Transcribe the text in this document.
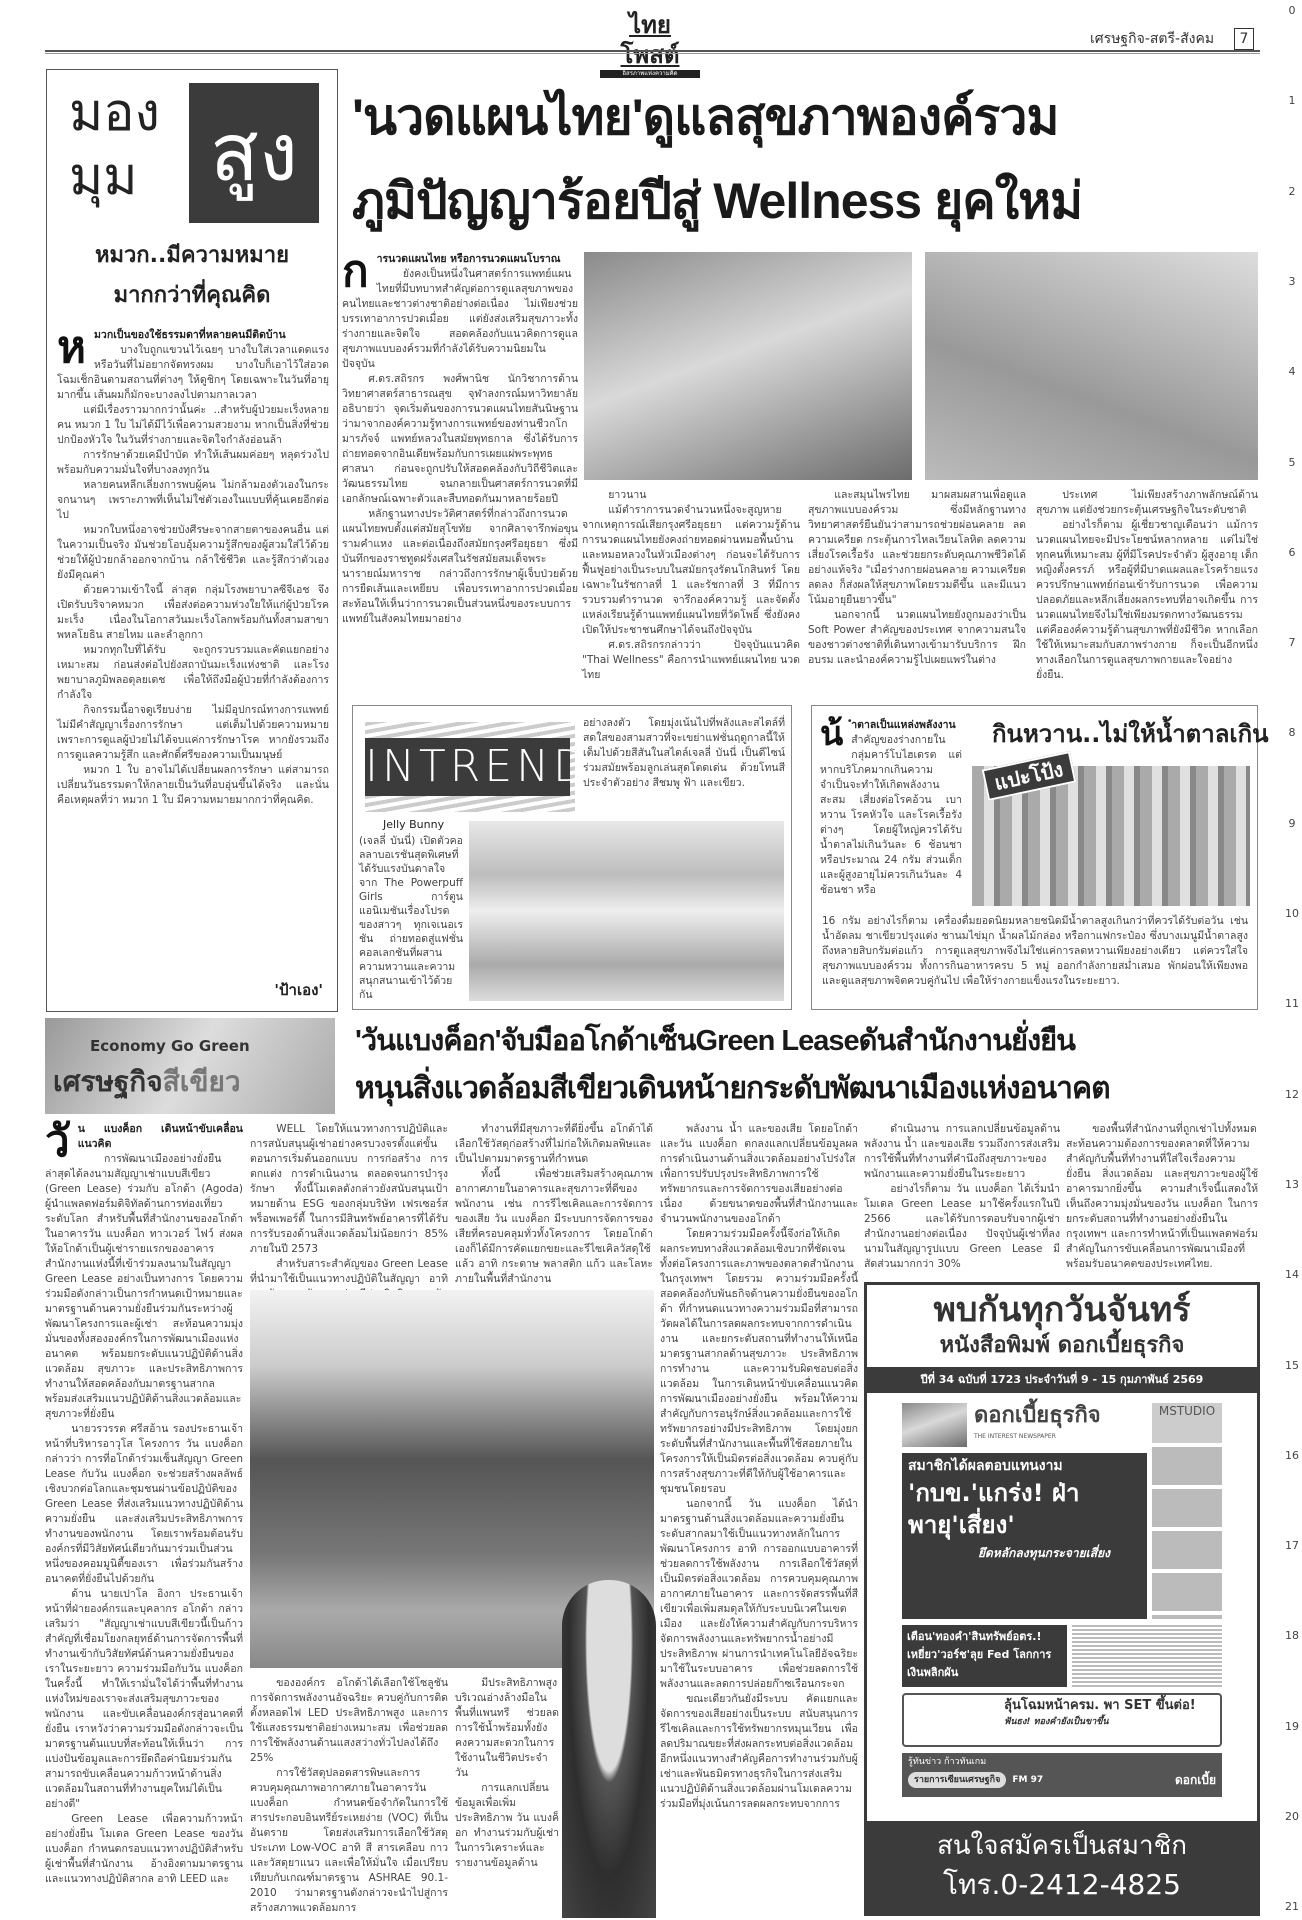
ไทยโพสต์
อิสรภาพแห่งความคิด
เศรษฐกิจ-สตรี-สังคม	7
0
1
2
3
4
5
6
7
8
9
10
11
12
13
14
15
16
17
18
19
20
21
มอง
มุม สูง
หมวก..มีความหมายมากกว่าที่คุณคิด
ห มวกเป็นของใช้ธรรมดาที่หลายคนมีติดบ้าน

บางใบถูกแขวนไว้เฉยๆ บางใบใส่เวลาแดดแรง หรือวันที่ไม่อยากจัดทรงผม บางใบก็เอาไว้ใส่อวดโฉมเช็กอินตามสถานที่ต่างๆ ให้ดูชิกๆ โดยเฉพาะในวันที่อายุมากขึ้น เส้นผมก็มักจะบางลงไปตามกาลเวลา

แต่มีเรื่องราวมากกว่านั้นค่ะ ..สำหรับผู้ป่วยมะเร็งหลายคน หมวก 1 ใบ ไม่ได้มีไว้เพื่อความสวยงาม หากเป็นสิ่งที่ช่วยปกป้องหัวใจ ในวันที่ร่างกายและจิตใจกำลังอ่อนล้า

การรักษาด้วยเคมีบำบัด ทำให้เส้นผมค่อยๆ หลุดร่วงไป พร้อมกับความมั่นใจที่บางลงทุกวัน

หลายคนหลีกเลี่ยงการพบผู้คน ไม่กล้ามองตัวเองในกระจกนานๆ เพราะภาพที่เห็นไม่ใช่ตัวเองในแบบที่คุ้นเคยอีกต่อไป

หมวกใบหนึ่งอาจช่วยบังศีรษะจากสายตาของคนอื่น แต่ในความเป็นจริง มันช่วยโอบอุ้มความรู้สึกของผู้สวมใส่ไว้ด้วย ช่วยให้ผู้ป่วยกล้าออกจากบ้าน กล้าใช้ชีวิต และรู้สึกว่าตัวเองยังมีคุณค่า

ด้วยความเข้าใจนี้ ล่าสุด กลุ่มโรงพยาบาลซีจีเอช จึงเปิดรับบริจาคหมวก เพื่อส่งต่อความห่วงใยให้แก่ผู้ป่วยโรคมะเร็ง เนื่องในโอกาสวันมะเร็งโลกพร้อมกันทั้งสามสาขา พหลโยธิน สายไหม และลำลูกกา

หมวกทุกใบที่ได้รับ จะถูกรวบรวมและคัดแยกอย่างเหมาะสม ก่อนส่งต่อไปยังสถาบันมะเร็งแห่งชาติ และโรงพยาบาลภูมิพลอดุลยเดช เพื่อให้ถึงมือผู้ป่วยที่กำลังต้องการกำลังใจ

กิจกรรมนี้อาจดูเรียบง่าย ไม่มีอุปกรณ์ทางการแพทย์ ไม่มีคำสัญญาเรื่องการรักษา แต่เต็มไปด้วยความหมาย เพราะการดูแลผู้ป่วยไม่ได้จบแค่การรักษาโรค หากยังรวมถึงการดูแลความรู้สึก และศักดิ์ศรีของความเป็นมนุษย์

หมวก 1 ใบ อาจไม่ได้เปลี่ยนผลการรักษา แต่สามารถเปลี่ยนวันธรรมดาให้กลายเป็นวันที่อบอุ่นขึ้นได้จริง และนั่นคือเหตุผลที่ว่า หมวก 1 ใบ มีความหมายมากกว่าที่คุณคิด.

'ป้าเอง'
'นวดแผนไทย'ดูแลสุขภาพองค์รวม
ภูมิปัญญาร้อยปีสู่ Wellness ยุคใหม่
ก ารนวดแผนไทย หรือการนวดแผนโบราณ

ยังคงเป็นหนึ่งในศาสตร์การแพทย์แผนไทยที่มีบทบาทสำคัญต่อการดูแลสุขภาพของคนไทยและชาวต่างชาติอย่างต่อเนื่อง ไม่เพียงช่วยบรรเทาอาการปวดเมื่อย แต่ยังส่งเสริมสุขภาวะทั้งร่างกายและจิตใจ สอดคล้องกับแนวคิดการดูแลสุขภาพแบบองค์รวมที่กำลังได้รับความนิยมในปัจจุบัน

ศ.ดร.สถิรกร พงศ์พานิช นักวิชาการด้านวิทยาศาสตร์สาธารณสุข จุฬาลงกรณ์มหาวิทยาลัย อธิบายว่า จุดเริ่มต้นของการนวดแผนไทยสันนิษฐานว่ามาจากองค์ความรู้ทางการแพทย์ของท่านชีวกโกมารภัจจ์ แพทย์หลวงในสมัยพุทธกาล ซึ่งได้รับการถ่ายทอดจากอินเดียพร้อมกับการเผยแผ่พระพุทธศาสนา ก่อนจะถูกปรับให้สอดคล้องกับวิถีชีวิตและวัฒนธรรมไทย จนกลายเป็นศาสตร์การนวดที่มีเอกลักษณ์เฉพาะตัวและสืบทอดกันมาหลายร้อยปี

หลักฐานทางประวัติศาสตร์ที่กล่าวถึงการนวดแผนไทยพบตั้งแต่สมัยสุโขทัย จากศิลาจารึกพ่อขุนรามคำแหง และต่อเนื่องถึงสมัยกรุงศรีอยุธยา ซึ่งมีบันทึกของราชทูตฝรั่งเศสในรัชสมัยสมเด็จพระนารายณ์มหาราช กล่าวถึงการรักษาผู้เจ็บป่วยด้วยการยืดเส้นและเหยียบ เพื่อบรรเทาอาการปวดเมื่อย สะท้อนให้เห็นว่าการนวดเป็นส่วนหนึ่งของระบบการแพทย์ในสังคมไทยมาอย่าง

ยาวนาน

แม้ตำราการนวดจำนวนหนึ่งจะสูญหายจากเหตุการณ์เสียกรุงศรีอยุธยา แต่ความรู้ด้านการนวดแผนไทยยังคงถ่ายทอดผ่านหมอพื้นบ้านและหมอหลวงในหัวเมืองต่างๆ ก่อนจะได้รับการฟื้นฟูอย่างเป็นระบบในสมัยกรุงรัตนโกสินทร์ โดยเฉพาะในรัชกาลที่ 1 และรัชกาลที่ 3 ที่มีการรวบรวมตำรานวด จารึกองค์ความรู้ และจัดตั้งแหล่งเรียนรู้ด้านแพทย์แผนไทยที่วัดโพธิ์ ซึ่งยังคงเปิดให้ประชาชนศึกษาได้จนถึงปัจจุบัน

ศ.ดร.สถิรกรกล่าวว่า ปัจจุบันแนวคิด "Thai Wellness" คือการนำแพทย์แผนไทย นวดไทย

และสมุนไพรไทย มาผสมผสานเพื่อดูแลสุขภาพแบบองค์รวม ซึ่งมีหลักฐานทางวิทยาศาสตร์ยืนยันว่าสามารถช่วยผ่อนคลาย ลดความเครียด กระตุ้นการไหลเวียนโลหิต ลดความเสี่ยงโรคเรื้อรัง และช่วยยกระดับคุณภาพชีวิตได้อย่างแท้จริง "เมื่อร่างกายผ่อนคลาย ความเครียดลดลง ก็ส่งผลให้สุขภาพโดยรวมดีขึ้น และมีแนวโน้มอายุยืนยาวขึ้น"

นอกจากนี้ นวดแผนไทยยังถูกมองว่าเป็น Soft Power สำคัญของประเทศ จากความสนใจของชาวต่างชาติที่เดินทางเข้ามารับบริการ ฝึกอบรม และนำองค์ความรู้ไปเผยแพร่ในต่าง

ประเทศ ไม่เพียงสร้างภาพลักษณ์ด้านสุขภาพ แต่ยังช่วยกระตุ้นเศรษฐกิจในระดับชาติ

อย่างไรก็ตาม ผู้เชี่ยวชาญเตือนว่า แม้การนวดแผนไทยจะมีประโยชน์หลากหลาย แต่ไม่ใช่ทุกคนที่เหมาะสม ผู้ที่มีโรคประจำตัว ผู้สูงอายุ เด็ก หญิงตั้งครรภ์ หรือผู้ที่มีบาดแผลและโรคร้ายแรง ควรปรึกษาแพทย์ก่อนเข้ารับการนวด เพื่อความปลอดภัยและหลีกเลี่ยงผลกระทบที่อาจเกิดขึ้น การนวดแผนไทยจึงไม่ใช่เพียงมรดกทางวัฒนธรรม แต่คือองค์ความรู้ด้านสุขภาพที่ยังมีชีวิต หากเลือกใช้ให้เหมาะสมกับสภาพร่างกาย ก็จะเป็นอีกหนึ่งทางเลือกในการดูแลสุขภาพกายและใจอย่างยั่งยืน.

INTREND
อย่างลงตัว โดยมุ่งเน้นไปที่พลังและสไตล์ที่สดใสของสามสาวที่จะเขย่าแฟชั่นฤดูกาลนี้ให้เต็มไปด้วยสีสันในสไตล์เจลลี่ บันนี่ เป็นดีไซน์ร่วมสมัยพร้อมลูกเล่นสุดโดดเด่น ด้วยโทนสีประจำตัวอย่าง สีชมพู ฟ้า และเขียว.
Jelly Bunny
(เจลลี่ บันนี่) เปิดตัวคอลลาบอเรชันสุดพิเศษที่ได้รับแรงบันดาลใจจาก The Powerpuff Girls การ์ตูนแอนิเมชันเรื่องโปรดของสาวๆ ทุกเจเนอเรชัน ถ่ายทอดสู่แฟชั่นคอลเลกชันที่ผสานความหวานและความสนุกสนานเข้าไว้ด้วยกัน
น้ ำตาลเป็นแหล่งพลังงาน

สำคัญของร่างกายในกลุ่มคาร์โบไฮเดรต แต่หากบริโภคมากเกินความจำเป็นจะทำให้เกิดพลังงานสะสม เสี่ยงต่อโรคอ้วน เบาหวาน โรคหัวใจ และโรคเรื้อรังต่างๆ โดยผู้ใหญ่ควรได้รับน้ำตาลไม่เกินวันละ 6 ช้อนชา หรือประมาณ 24 กรัม ส่วนเด็กและผู้สูงอายุไม่ควรเกินวันละ 4 ช้อนชา หรือ

กินหวาน..ไม่ให้น้ำตาลเกิน
แปะโป้ง
16 กรัม อย่างไรก็ตาม เครื่องดื่มยอดนิยมหลายชนิดมีน้ำตาลสูงเกินกว่าที่ควรได้รับต่อวัน เช่น น้ำอัดลม ชาเขียวปรุงแต่ง ชานมไข่มุก น้ำผลไม้กล่อง หรือกาแฟกระป๋อง ซึ่งบางเมนูมีน้ำตาลสูงถึงหลายสิบกรัมต่อแก้ว การดูแลสุขภาพจึงไม่ใช่แค่การลดหวานเพียงอย่างเดียว แต่ควรใส่ใจสุขภาพแบบองค์รวม ทั้งการกินอาหารครบ 5 หมู่ ออกกำลังกายสม่ำเสมอ พักผ่อนให้เพียงพอ และดูแลสุขภาพจิตควบคู่กันไป เพื่อให้ร่างกายแข็งแรงในระยะยาว.
Economy Go Green
เศรษฐกิจสีเขียว
'วันแบงค็อก'จับมืออโกด้าเซ็นGreen Leaseดันสำนักงานยั่งยืน
หนุนสิ่งแวดล้อมสีเขียวเดินหน้ายกระดับพัฒนาเมืองแห่งอนาคต
วั น แบงค็อก เดินหน้าขับเคลื่อนแนวคิด

การพัฒนาเมืองอย่างยั่งยืน ล่าสุดได้ลงนามสัญญาเช่าแบบสีเขียว (Green Lease) ร่วมกับ อโกด้า (Agoda) ผู้นำแพลตฟอร์มดิจิทัลด้านการท่องเที่ยวระดับโลก สำหรับพื้นที่สำนักงานของอโกด้าในอาคารวัน แบงค็อก ทาวเวอร์ ไฟว์ ส่งผลให้อโกด้าเป็นผู้เช่ารายแรกของอาคารสำนักงานแห่งนี้ที่เข้าร่วมลงนามในสัญญา Green Lease อย่างเป็นทางการ โดยความร่วมมือดังกล่าวเป็นการกำหนดเป้าหมายและมาตรฐานด้านความยั่งยืนร่วมกันระหว่างผู้พัฒนาโครงการและผู้เช่า สะท้อนความมุ่งมั่นของทั้งสององค์กรในการพัฒนาเมืองแห่งอนาคต พร้อมยกระดับแนวปฏิบัติด้านสิ่งแวดล้อม สุขภาวะ และประสิทธิภาพการทำงานให้สอดคล้องกับมาตรฐานสากล พร้อมส่งเสริมแนวปฏิบัติด้านสิ่งแวดล้อมและสุขภาวะที่ยั่งยืน

นายวรวรรต ศรีสอ้าน รองประธานเจ้าหน้าที่บริหารอาวุโส โครงการ วัน แบงค็อก กล่าวว่า การที่อโกด้าร่วมเซ็นสัญญา Green Lease กับวัน แบงค็อก จะช่วยสร้างผลลัพธ์เชิงบวกต่อโลกและชุมชนผ่านข้อปฏิบัติของ Green Lease ที่ส่งเสริมแนวทางปฏิบัติด้านความยั่งยืน และส่งเสริมประสิทธิภาพการทำงานของพนักงาน โดยเราพร้อมต้อนรับองค์กรที่มีวิสัยทัศน์เดียวกันมาร่วมเป็นส่วนหนึ่งของคอมมูนิตี้ของเรา เพื่อร่วมกันสร้างอนาคตที่ยั่งยืนไปด้วยกัน

ด้าน นายเปาโล อิงกา ประธานเจ้าหน้าที่ฝ่ายองค์กรและบุคลากร อโกด้า กล่าวเสริมว่า "สัญญาเช่าแบบสีเขียวนี้เป็นก้าวสำคัญที่เชื่อมโยงกลยุทธ์ด้านการจัดการพื้นที่ทำงานเข้ากับวิสัยทัศน์ด้านความยั่งยืนของเราในระยะยาว ความร่วมมือกับวัน แบงค็อก ในครั้งนี้ ทำให้เรามั่นใจได้ว่าพื้นที่ทำงานแห่งใหม่ของเราจะส่งเสริมสุขภาวะของพนักงาน และขับเคลื่อนองค์กรสู่อนาคตที่ยั่งยืน เราหวังว่าความร่วมมือดังกล่าวจะเป็นมาตรฐานต้นแบบที่สะท้อนให้เห็นว่า การแบ่งปันข้อมูลและการยึดถือค่านิยมร่วมกันสามารถขับเคลื่อนความก้าวหน้าด้านสิ่งแวดล้อมในสถานที่ทำงานยุคใหม่ได้เป็นอย่างดี"

Green Lease เพื่อความก้าวหน้าอย่างยั่งยืน โมเดล Green Lease ของวัน แบงค็อก กำหนดกรอบแนวทางปฏิบัติสำหรับผู้เช่าพื้นที่สำนักงาน อ้างอิงตามมาตรฐานและแนวทางปฏิบัติสากล อาทิ LEED และ

WELL โดยให้แนวทางการปฏิบัติและการสนับสนุนผู้เช่าอย่างครบวงจรตั้งแต่ขั้นตอนการเริ่มต้นออกแบบ การก่อสร้าง การตกแต่ง การดำเนินงาน ตลอดจนการบำรุงรักษา ทั้งนี้โมเดลดังกล่าวยังสนับสนุนเป้าหมายด้าน ESG ของกลุ่มบริษัท เฟรเซอร์ส พร็อพเพอร์ตี้ ในการมีสินทรัพย์อาคารที่ได้รับการรับรองด้านสิ่งแวดล้อมไม่น้อยกว่า 85% ภายในปี 2573

สำหรับสาระสำคัญของ Green Lease ที่นำมาใช้เป็นแนวทางปฏิบัติในสัญญา อาทิ

ทำงานที่มีสุขภาวะที่ดียิ่งขึ้น อโกด้าได้เลือกใช้วัสดุก่อสร้างที่ไม่ก่อให้เกิดมลพิษและเป็นไปตามมาตรฐานที่กำหนด

ทั้งนี้ เพื่อช่วยเสริมสร้างคุณภาพอากาศภายในอาคารและสุขภาวะที่ดีของพนักงาน เช่น การรีไซเคิลและการจัดการของเสีย วัน แบงค็อก มีระบบการจัดการของเสียที่ครอบคลุมทั่วทั้งโครงการ โดยอโกด้าเองก็ได้มีการคัดแยกขยะและรีไซเคิลวัสดุใช้แล้ว อาทิ กระดาษ พลาสติก แก้ว และโลหะ ภายในพื้นที่สำนักงาน

ขององค์กร อโกด้าได้เลือกใช้โซลูชันการจัดการพลังงานอัจฉริยะ ควบคู่กับการติดตั้งหลอดไฟ LED ประสิทธิภาพสูง และการใช้แสงธรรมชาติอย่างเหมาะสม เพื่อช่วยลดการใช้พลังงานด้านแสงสว่างทั่วไปลงได้ถึง 25%

การใช้วัสดุปลอดสารพิษและการควบคุมคุณภาพอากาศภายในอาคารวัน แบงค็อก กำหนดข้อจำกัดในการใช้ สารประกอบอินทรีย์ระเหยง่าย (VOC) ที่เป็นอันตราย โดยส่งเสริมการเลือกใช้วัสดุประเภท Low-VOC อาทิ สี สารเคลือบ กาว และวัสดุยาแนว และเพื่อให้มั่นใจ เมื่อเปรียบเทียบกับเกณฑ์มาตรฐาน ASHRAE 90.1-2010 ว่ามาตรฐานดังกล่าวจะนำไปสู่การสร้างสภาพแวดล้อมการ

มีประสิทธิภาพสูงบริเวณอ่างล้างมือในพื้นที่แพนทรี ช่วยลดการใช้น้ำพร้อมทั้งยังคงความสะดวกในการใช้งานในชีวิตประจำวัน

การแลกเปลี่ยนข้อมูลเพื่อเพิ่มประสิทธิภาพ วัน แบงค็อก ทำงานร่วมกับผู้เช่าในการวิเคราะห์และรายงานข้อมูลด้าน

พลังงาน น้ำ และของเสีย โดยอโกด้า และวัน แบงค็อก ตกลงแลกเปลี่ยนข้อมูลผลการดำเนินงานด้านสิ่งแวดล้อมอย่างโปร่งใส เพื่อการปรับปรุงประสิทธิภาพการใช้ทรัพยากรและการจัดการของเสียอย่างต่อเนื่อง ด้วยขนาดของพื้นที่สำนักงานและจำนวนพนักงานของอโกด้า

โดยความร่วมมือครั้งนี้จึงก่อให้เกิดผลกระทบทางสิ่งแวดล้อมเชิงบวกที่ชัดเจน ทั้งต่อโครงการและภาพของตลาดสำนักงานในกรุงเทพฯ โดยรวม ความร่วมมือครั้งนี้สอดคล้องกับพันธกิจด้านความยั่งยืนของอโกด้า ที่กำหนดแนวทางความร่วมมือที่สามารถวัดผลได้ในการลดผลกระทบจากการดำเนินงาน และยกระดับสถานที่ทำงานให้เหนือมาตรฐานสากลด้านสุขภาวะ ประสิทธิภาพการทำงาน และความรับผิดชอบต่อสิ่งแวดล้อม ในการเดินหน้าขับเคลื่อนแนวคิดการพัฒนาเมืองอย่างยั่งยืน พร้อมให้ความสำคัญกับการอนุรักษ์สิ่งแวดล้อมและการใช้ทรัพยากรอย่างมีประสิทธิภาพ โดยมุ่งยกระดับพื้นที่สำนักงานและพื้นที่ใช้สอยภายในโครงการให้เป็นมิตรต่อสิ่งแวดล้อม ควบคู่กับการสร้างสุขภาวะที่ดีให้กับผู้ใช้อาคารและชุมชนโดยรอบ

นอกจากนี้ วัน แบงค็อก ได้นำมาตรฐานด้านสิ่งแวดล้อมและความยั่งยืนระดับสากลมาใช้เป็นแนวทางหลักในการพัฒนาโครงการ อาทิ การออกแบบอาคารที่ช่วยลดการใช้พลังงาน การเลือกใช้วัสดุที่เป็นมิตรต่อสิ่งแวดล้อม การควบคุมคุณภาพอากาศภายในอาคาร และการจัดสรรพื้นที่สีเขียวเพื่อเพิ่มสมดุลให้กับระบบนิเวศในเขตเมือง และยังให้ความสำคัญกับการบริหารจัดการพลังงานและทรัพยากรน้ำอย่างมีประสิทธิภาพ ผ่านการนำเทคโนโลยีอัจฉริยะมาใช้ในระบบอาคาร เพื่อช่วยลดการใช้พลังงานและลดการปล่อยก๊าซเรือนกระจก

ขณะเดียวกันยังมีระบบ คัดแยกและจัดการของเสียอย่างเป็นระบบ สนับสนุนการรีไซเคิลและการใช้ทรัพยากรหมุนเวียน เพื่อลดปริมาณขยะที่ส่งผลกระทบต่อสิ่งแวดล้อม อีกหนึ่งแนวทางสำคัญคือการทำงานร่วมกับผู้เช่าและพันธมิตรทางธุรกิจในการส่งเสริมแนวปฏิบัติด้านสิ่งแวดล้อมผ่านโมเดลความร่วมมือที่มุ่งเน้นการลดผลกระทบจากการ

ดำเนินงาน การแลกเปลี่ยนข้อมูลด้านพลังงาน น้ำ และของเสีย รวมถึงการส่งเสริมการใช้พื้นที่ทำงานที่คำนึงถึงสุขภาวะของพนักงานและความยั่งยืนในระยะยาว

อย่างไรก็ตาม วัน แบงค็อก ได้เริ่มนำโมเดล Green Lease มาใช้ครั้งแรกในปี 2566 และได้รับการตอบรับจากผู้เช่าสำนักงานอย่างต่อเนื่อง ปัจจุบันผู้เช่าที่ลงนามในสัญญารูปแบบ Green Lease มีสัดส่วนมากกว่า 30%

ของพื้นที่สำนักงานที่ถูกเช่าไปทั้งหมด สะท้อนความต้องการของตลาดที่ให้ความสำคัญกับพื้นที่ทำงานที่ใส่ใจเรื่องความยั่งยืน สิ่งแวดล้อม และสุขภาวะของผู้ใช้อาคารมากยิ่งขึ้น ความสำเร็จนี้แสดงให้เห็นถึงความมุ่งมั่นของวัน แบงค็อก ในการยกระดับสถานที่ทำงานอย่างยั่งยืนในกรุงเทพฯ และการทำหน้าที่เป็นแพลตฟอร์มสำคัญในการขับเคลื่อนการพัฒนาเมืองที่พร้อมรับอนาคตของประเทศไทย.

พบกันทุกวันจันทร์
หนังสือพิมพ์ ดอกเบี้ยธุรกิจ
ปีที่ 34 ฉบับที่ 1723 ประจำวันที่ 9 - 15 กุมภาพันธ์ 2569
ดอกเบี้ยธุรกิจ
THE INTEREST NEWSPAPER
MSTUDIO
สมาชิกได้ผลตอบแทนงาม
'กบข.'แกร่ง! ฝ่าพายุ'เสี่ยง'
ยึดหลักลงทุนกระจายเสี่ยง
เตือน'ทองคำ'สินทรัพย์อตร.! เหยี่ยว'วอร์ช'ลุย Fed โลกการเงินพลิกผัน
ลุ้นโฉมหน้าครม. พา SET ขึ้นต่อ!
ฟันธง! ทองคำยังเป็นขาขึ้น
รู้ทันข่าว ก้าวทันเกม
รายการเซียนเศรษฐกิจ	FM 97	ดอกเบี้ย
สนใจสมัครเป็นสมาชิก
โทร.0-2412-4825
